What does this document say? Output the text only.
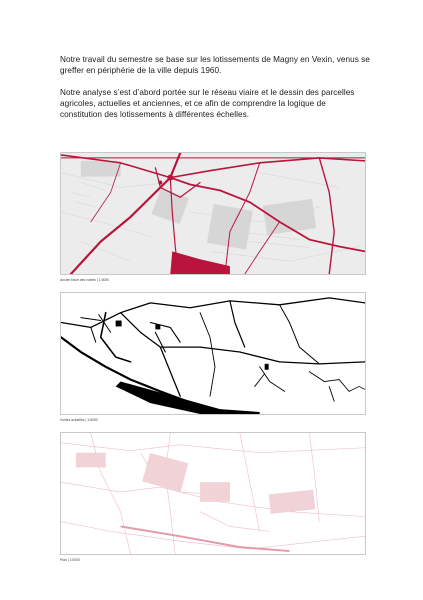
Notre travail du semestre se base sur les lotissements de Magny en Vexin, venus se greffer en périphérie de la ville depuis 1960.

Notre analyse s’est d’abord portée sur le réseau viaire et le dessin des parcelles agricoles, actuelles et anciennes, et ce afin de comprendre la logique de constitution des lotissements à différentes échelles.

Ancien tracé des voiries | 1:5000
Voiries actuelles | 1:5000
Plan | 1:5000
